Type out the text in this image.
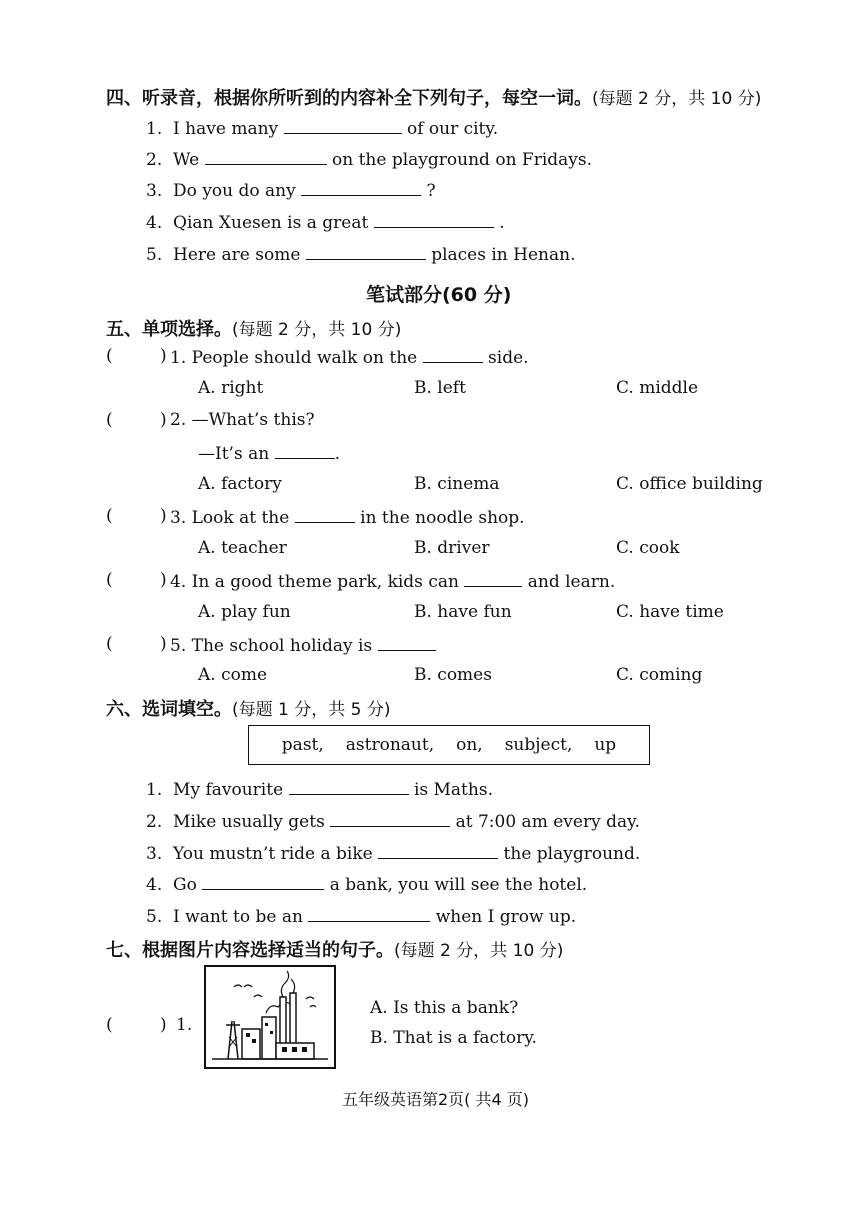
四、听录音，根据你所听到的内容补全下列句子，每空一词。(每题 2 分，共 10 分)
1. I have many	of our city.
2. We	on the playground on Fridays.
3. Do you do any	?
4. Qian Xuesen is a great	.
5. Here are some	places in Henan.
笔试部分(60 分)
五、单项选择。(每题 2 分，共 10 分)
(	) 1. People should walk on the	side.
A. right	B. left	C. middle
(	) 2. —What’s this?
—It’s an	.
A. factory	B. cinema	C. office building
(	) 3. Look at the	in the noodle shop.
A. teacher	B. driver	C. cook
(	) 4. In a good theme park, kids can	and learn.
A. play fun	B. have fun	C. have time
(	) 5. The school holiday is
A. come	B. comes	C. coming
六、选词填空。(每题 1 分，共 5 分)
past, astronaut, on, subject, up
1. My favourite	is Maths.
2. Mike usually gets	at 7:00 am every day.
3. You mustn’t ride a bike	the playground.
4. Go	a bank, you will see the hotel.
5. I want to be an	when I grow up.
七、根据图片内容选择适当的句子。(每题 2 分，共 10 分)
(	) 1.
A. Is this a bank?
B. That is a factory.
五年级英语第2页( 共4 页)
